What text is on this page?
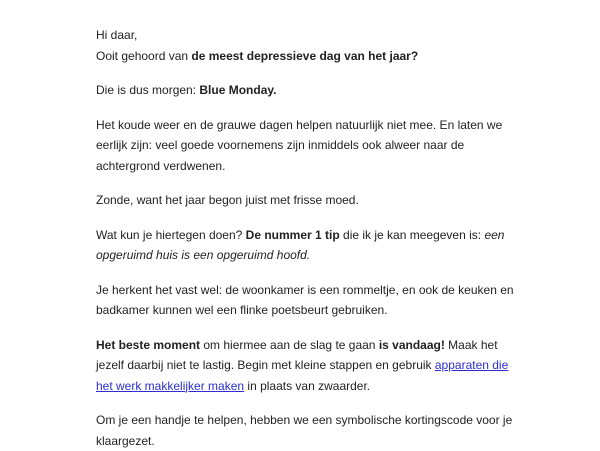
Hi daar,
Ooit gehoord van de meest depressieve dag van het jaar?

Die is dus morgen: Blue Monday.

Het koude weer en de grauwe dagen helpen natuurlijk niet mee. En laten we eerlijk zijn: veel goede voornemens zijn inmiddels ook alweer naar de achtergrond verdwenen.

Zonde, want het jaar begon juist met frisse moed.

Wat kun je hiertegen doen? De nummer 1 tip die ik je kan meegeven is: een opgeruimd huis is een opgeruimd hoofd.

Je herkent het vast wel: de woonkamer is een rommeltje, en ook de keuken en badkamer kunnen wel een flinke poetsbeurt gebruiken.

Het beste moment om hiermee aan de slag te gaan is vandaag! Maak het jezelf daarbij niet te lastig. Begin met kleine stappen en gebruik apparaten die het werk makkelijker maken in plaats van zwaarder.

Om je een handje te helpen, hebben we een symbolische kortingscode voor je klaargezet.
